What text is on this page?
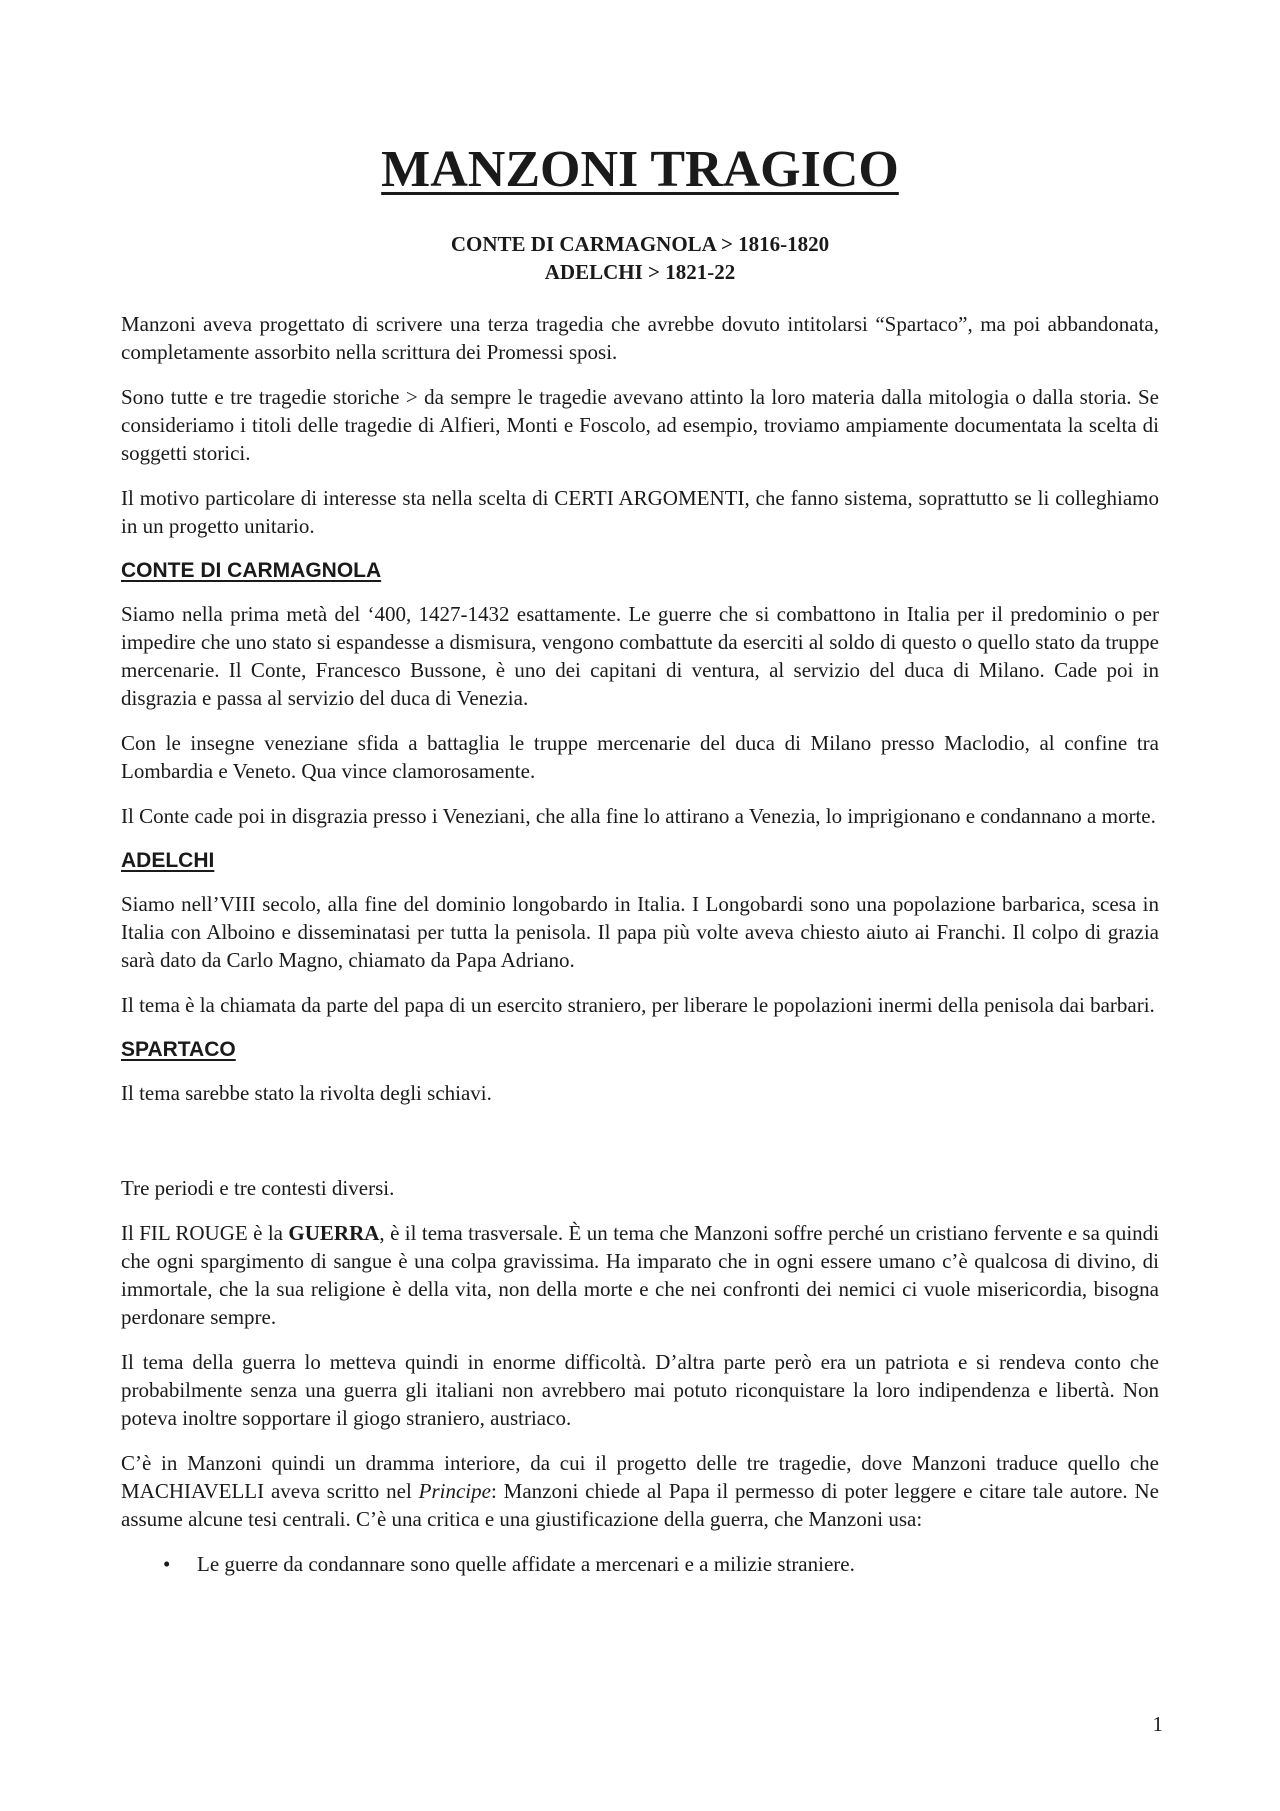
MANZONI TRAGICO
CONTE DI CARMAGNOLA > 1816-1820
ADELCHI > 1821-22

Manzoni aveva progettato di scrivere una terza tragedia che avrebbe dovuto intitolarsi “Spartaco”, ma poi abbandonata, completamente assorbito nella scrittura dei Promessi sposi.

Sono tutte e tre tragedie storiche > da sempre le tragedie avevano attinto la loro materia dalla mitologia o dalla storia. Se consideriamo i titoli delle tragedie di Alfieri, Monti e Foscolo, ad esempio, troviamo ampiamente documentata la scelta di soggetti storici.

Il motivo particolare di interesse sta nella scelta di CERTI ARGOMENTI, che fanno sistema, soprattutto se li colleghiamo in un progetto unitario.

CONTE DI CARMAGNOLA

Siamo nella prima metà del ‘400, 1427-1432 esattamente. Le guerre che si combattono in Italia per il predominio o per impedire che uno stato si espandesse a dismisura, vengono combattute da eserciti al soldo di questo o quello stato da truppe mercenarie. Il Conte, Francesco Bussone, è uno dei capitani di ventura, al servizio del duca di Milano. Cade poi in disgrazia e passa al servizio del duca di Venezia.

Con le insegne veneziane sfida a battaglia le truppe mercenarie del duca di Milano presso Maclodio, al confine tra Lombardia e Veneto. Qua vince clamorosamente.

Il Conte cade poi in disgrazia presso i Veneziani, che alla fine lo attirano a Venezia, lo imprigionano e condannano a morte.

ADELCHI

Siamo nell’VIII secolo, alla fine del dominio longobardo in Italia. I Longobardi sono una popolazione barbarica, scesa in Italia con Alboino e disseminatasi per tutta la penisola. Il papa più volte aveva chiesto aiuto ai Franchi. Il colpo di grazia sarà dato da Carlo Magno, chiamato da Papa Adriano.

Il tema è la chiamata da parte del papa di un esercito straniero, per liberare le popolazioni inermi della penisola dai barbari.

SPARTACO

Il tema sarebbe stato la rivolta degli schiavi.

Tre periodi e tre contesti diversi.

Il FIL ROUGE è la GUERRA, è il tema trasversale. È un tema che Manzoni soffre perché un cristiano fervente e sa quindi che ogni spargimento di sangue è una colpa gravissima. Ha imparato che in ogni essere umano c’è qualcosa di divino, di immortale, che la sua religione è della vita, non della morte e che nei confronti dei nemici ci vuole misericordia, bisogna perdonare sempre.

Il tema della guerra lo metteva quindi in enorme difficoltà. D’altra parte però era un patriota e si rendeva conto che probabilmente senza una guerra gli italiani non avrebbero mai potuto riconquistare la loro indipendenza e libertà. Non poteva inoltre sopportare il giogo straniero, austriaco.

C’è in Manzoni quindi un dramma interiore, da cui il progetto delle tre tragedie, dove Manzoni traduce quello che MACHIAVELLI aveva scritto nel Principe: Manzoni chiede al Papa il permesso di poter leggere e citare tale autore. Ne assume alcune tesi centrali. C’è una critica e una giustificazione della guerra, che Manzoni usa:

• Le guerre da condannare sono quelle affidate a mercenari e a milizie straniere.
1
